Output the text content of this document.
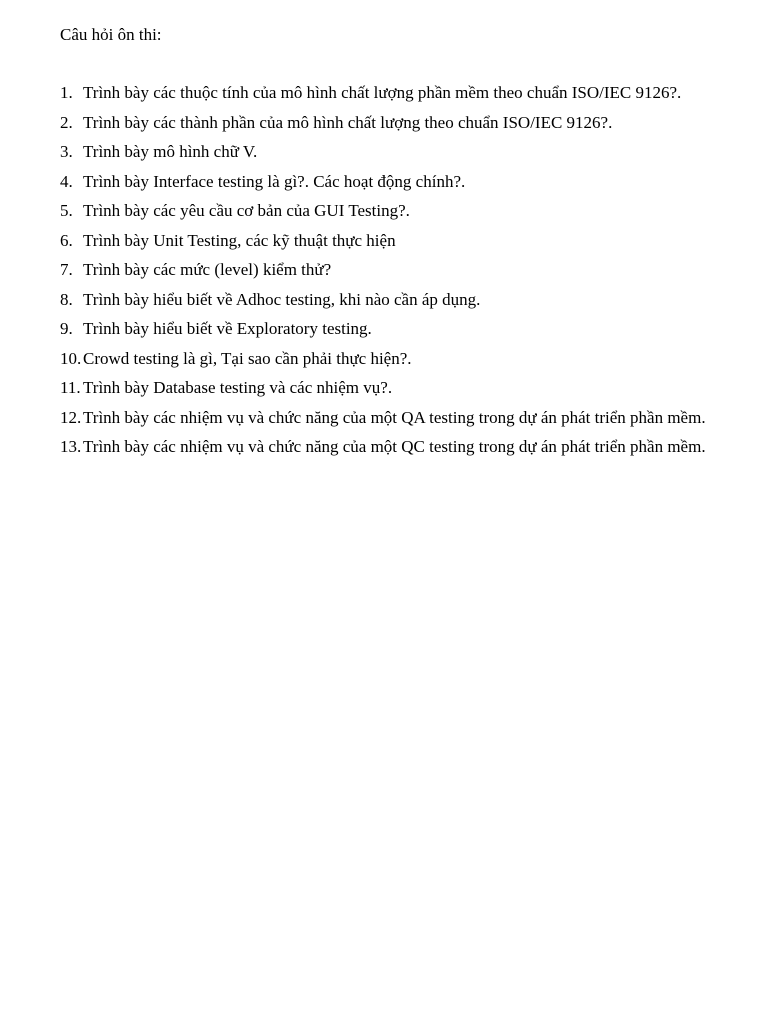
Câu hỏi ôn thi:
1. Trình bày các thuộc tính của mô hình chất lượng phần mềm theo chuẩn ISO/IEC 9126?.
2. Trình bày các thành phần của mô hình chất lượng theo chuẩn ISO/IEC 9126?.
3. Trình bày mô hình chữ V.
4. Trình bày Interface testing là gì?. Các hoạt động chính?.
5. Trình bày các yêu cầu cơ bản của GUI Testing?.
6. Trình bày Unit Testing, các kỹ thuật thực hiện
7. Trình bày các mức (level) kiểm thử?
8. Trình bày hiểu biết về Adhoc testing, khi nào cần áp dụng.
9. Trình bày hiểu biết về Exploratory testing.
10. Crowd testing là gì, Tại sao cần phải thực hiện?.
11. Trình bày Database testing và các nhiệm vụ?.
12. Trình bày các nhiệm vụ và chức năng của một QA testing trong dự án phát triển phần mềm.
13. Trình bày các nhiệm vụ và chức năng của một QC testing trong dự án phát triển phần mềm.
